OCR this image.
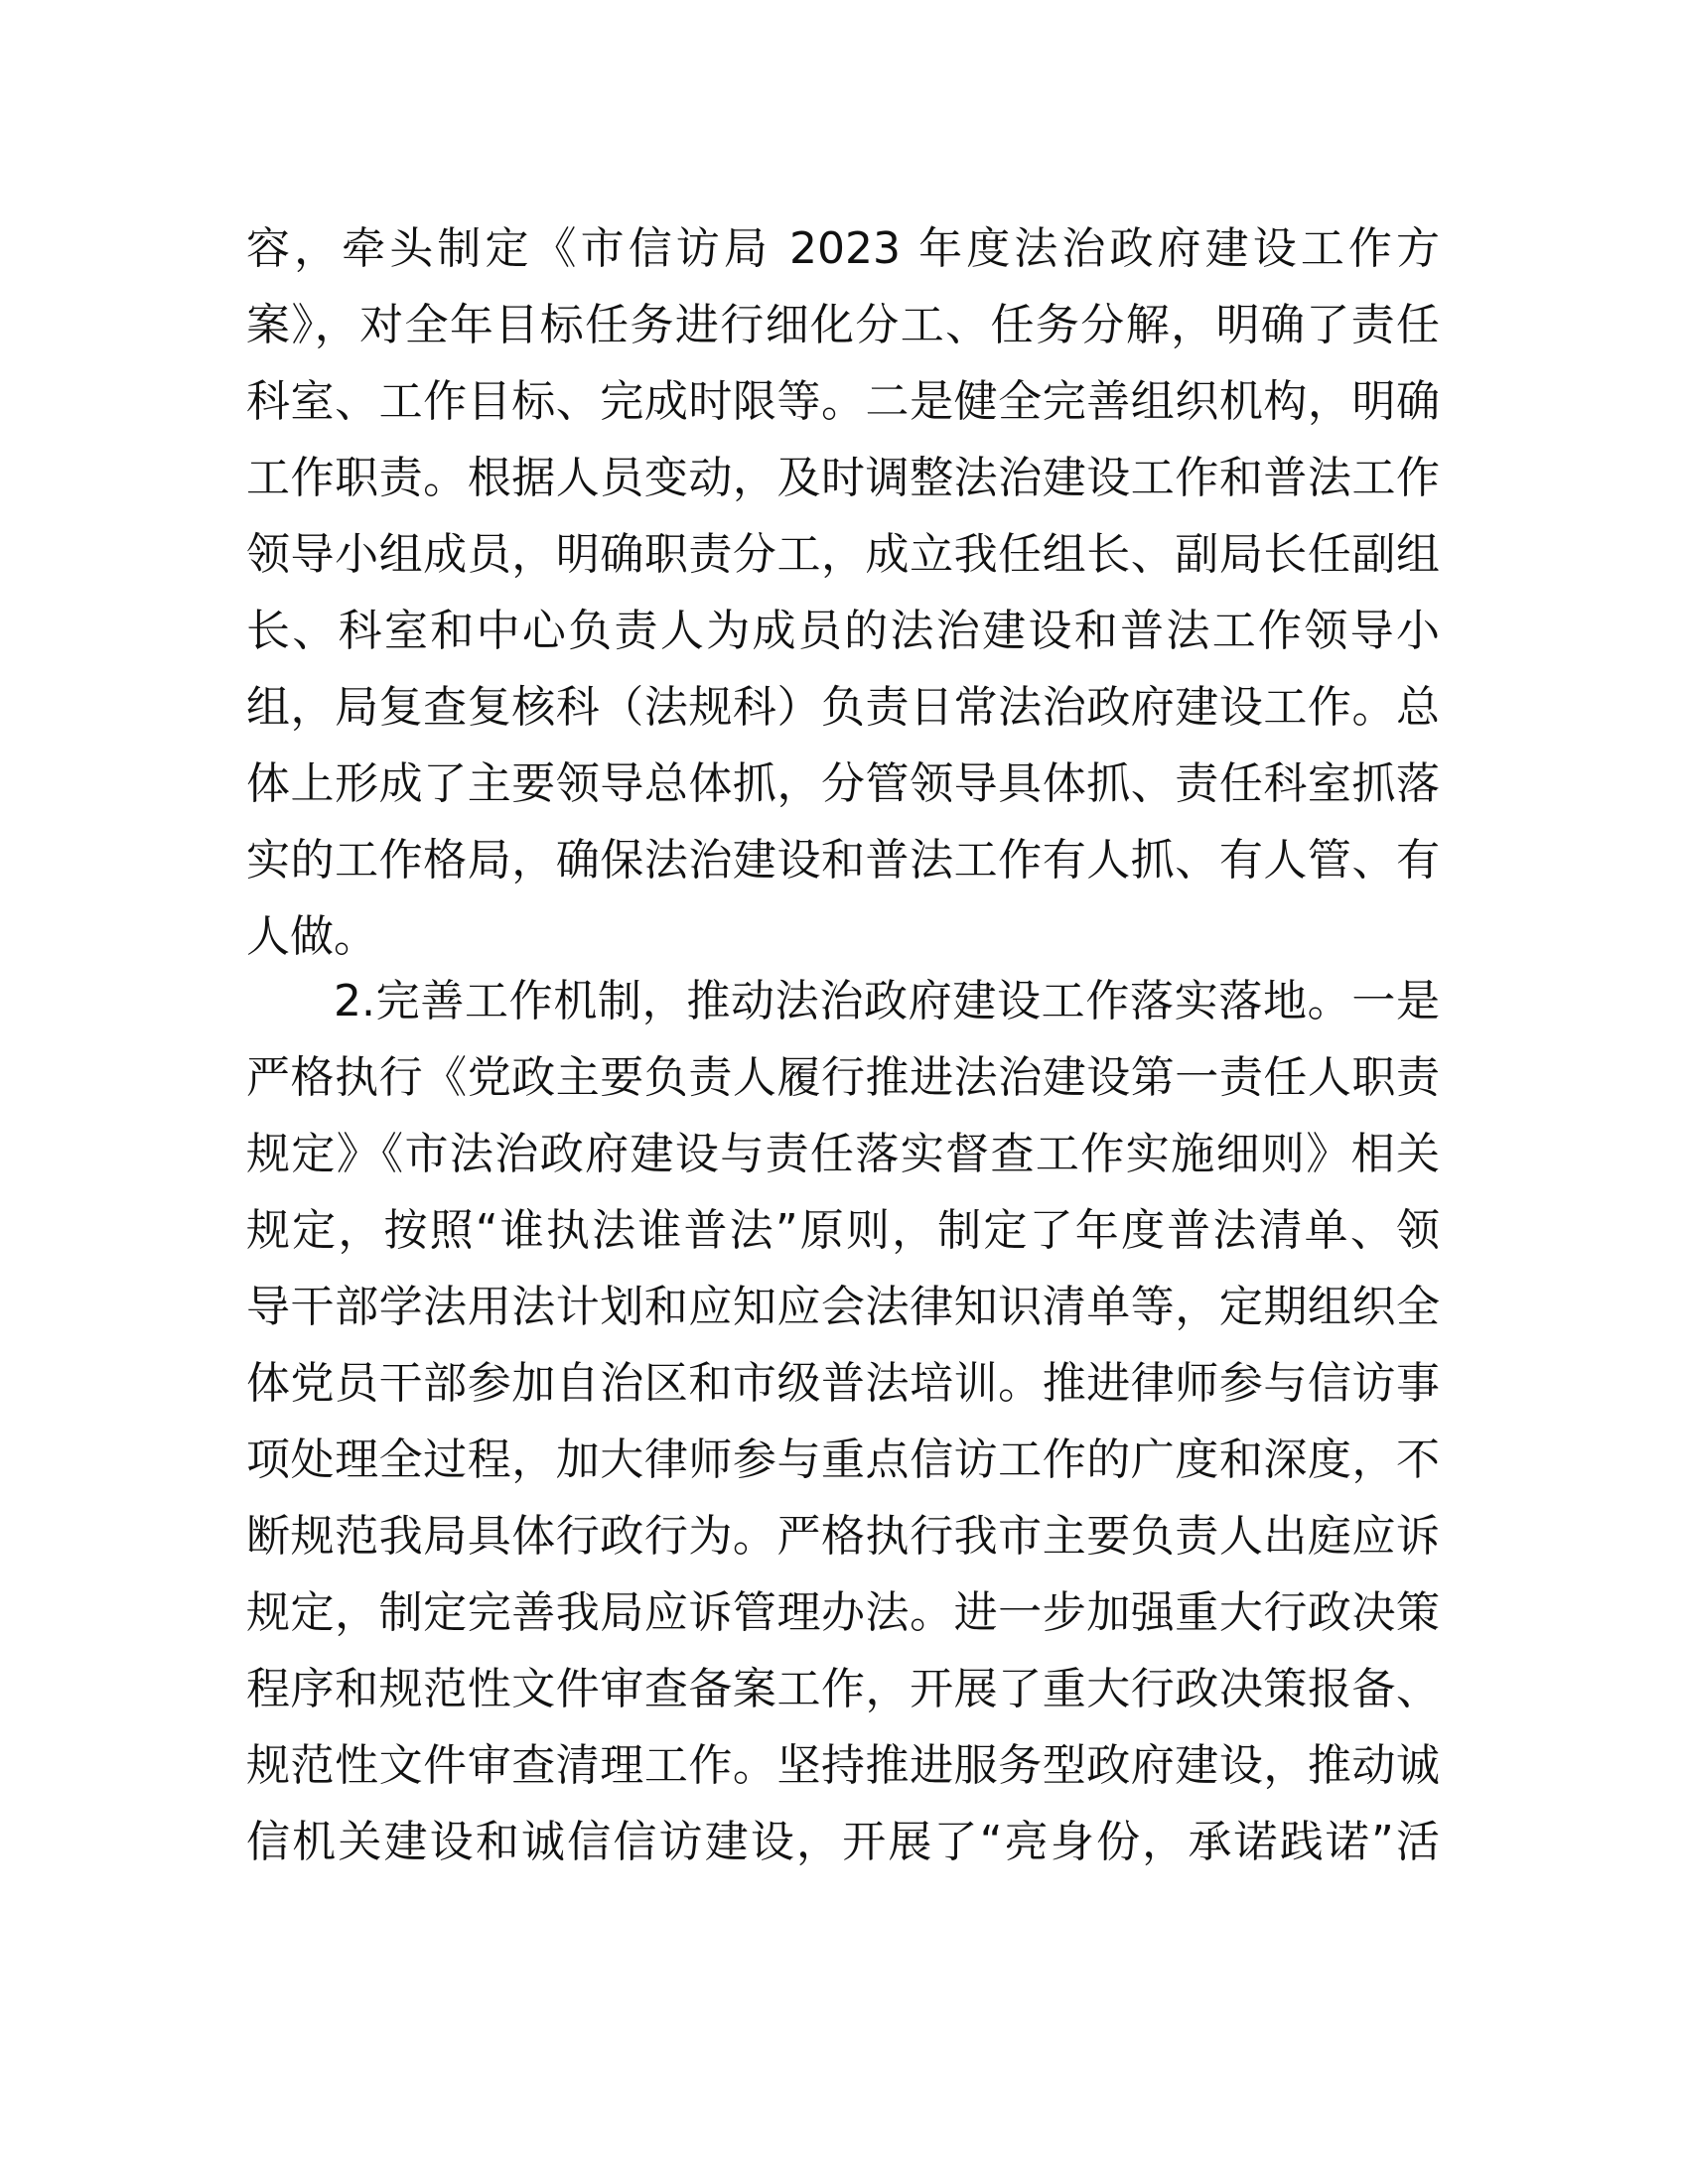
容，牵头制定《市信访局 2023 年度法治政府建设工作方
案》，对全年目标任务进行细化分工、任务分解，明确了责任
科室、工作目标、完成时限等。二是健全完善组织机构，明确
工作职责。根据人员变动，及时调整法治建设工作和普法工作
领导小组成员，明确职责分工，成立我任组长、副局长任副组
长、科室和中心负责人为成员的法治建设和普法工作领导小
组，局复查复核科（法规科）负责日常法治政府建设工作。总
体上形成了主要领导总体抓，分管领导具体抓、责任科室抓落
实的工作格局，确保法治建设和普法工作有人抓、有人管、有
人做。
2.完善工作机制，推动法治政府建设工作落实落地。一是
严格执行《党政主要负责人履行推进法治建设第一责任人职责
规定》《市法治政府建设与责任落实督查工作实施细则》相关
规定，按照“谁执法谁普法”原则，制定了年度普法清单、领
导干部学法用法计划和应知应会法律知识清单等，定期组织全
体党员干部参加自治区和市级普法培训。推进律师参与信访事
项处理全过程，加大律师参与重点信访工作的广度和深度，不
断规范我局具体行政行为。严格执行我市主要负责人出庭应诉
规定，制定完善我局应诉管理办法。进一步加强重大行政决策
程序和规范性文件审查备案工作，开展了重大行政决策报备、
规范性文件审查清理工作。坚持推进服务型政府建设，推动诚
信机关建设和诚信信访建设，开展了“亮身份，承诺践诺”活
